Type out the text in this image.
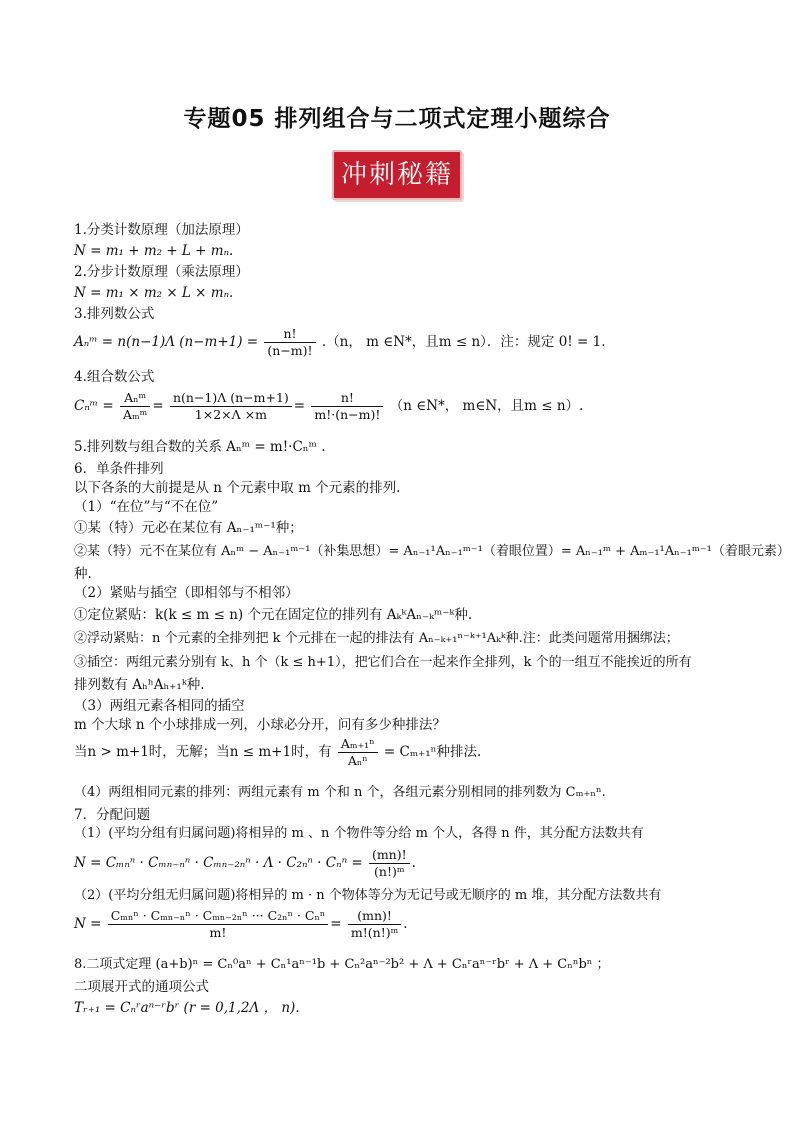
专题05 排列组合与二项式定理小题综合
冲刺秘籍
1.分类计数原理（加法原理）
N = m₁ + m₂ + L + mₙ.
2.分步计数原理（乘法原理）
N = m₁ × m₂ × L × mₙ.
3.排列数公式
Aₙᵐ = n(n−1)Λ $(n-m+1) = \frac{n!}{(n-m)!} .(n$， m ∈N*，且m ≤ n）．注：规定 0! = 1.
4.组合数公式
Cₙᵐ = $\frac{\text{Aₙᵐ}}{\text{Aₘᵐ}} = \frac{n(n-1)\Lambda (n-m+1)}{1\times 2\times\Lambda \times m} = \frac{n!}{m!\cdot(n-m)!} (n$ ∈N*， m∈N，且m ≤ n）.
5.排列数与组合数的关系 Aₙᵐ = m!·Cₙᵐ .
6．单条件排列
以下各条的大前提是从 n 个元素中取 m 个元素的排列.
（1）“在位”与“不在位”
①某（特）元必在某位有 Aₙ₋₁ᵐ⁻¹种；
②某（特）元不在某位有 Aₙᵐ − Aₙ₋₁ᵐ⁻¹（补集思想）= Aₙ₋₁¹Aₙ₋₁ᵐ⁻¹（着眼位置）= Aₙ₋₁ᵐ + Aₘ₋₁¹Aₙ₋₁ᵐ⁻¹（着眼元素）
种.
（2）紧贴与插空（即相邻与不相邻）
①定位紧贴：k(k ≤ m ≤ n) 个元在固定位的排列有 AₖᵏAₙ₋ₖᵐ⁻ᵏ种.
②浮动紧贴：n 个元素的全排列把 k 个元排在一起的排法有 Aₙ₋ₖ₊₁ⁿ⁻ᵏ⁺¹Aₖᵏ种.注：此类问题常用捆绑法；
③插空：两组元素分别有 k、h 个（k ≤ h+1），把它们合在一起来作全排列，k 个的一组互不能挨近的所有
排列数有 AₕʰAₕ₊₁ᵏ种.
（3）两组元素各相同的插空
m 个大球 n 个小球排成一列，小球必分开，问有多少种排法？
当n > m+1时，无解；当n ≤ m+1时，有 $\frac{\text{Aₘ₊₁ⁿ}}{\text{Aₙⁿ}} = C_{m+1}^n$种排法.
（4）两组相同元素的排列：两组元素有 m 个和 n 个，各组元素分别相同的排列数为 Cₘ₊ₙⁿ.
7．分配问题
（1）(平均分组有归属问题)将相异的 m 、n 个物件等分给 m 个人，各得 n 件，其分配方法数共有
$N = C_{mn}^n \cdot C_{mn-n}^n \cdot C_{mn-2n}^n \cdot \Lambda \cdot C_{2n}^n \cdot C_n^n = \frac{(mn)!}{\text{(n!)ᵐ}}$ .
（2）(平均分组无归属问题)将相异的 m · n 个物体等分为无记号或无顺序的 m 堆，其分配方法数共有
$N = \frac{\text{Cₘₙⁿ · Cₘₙ₋ₙⁿ · Cₘₙ₋₂ₙⁿ ··· C₂ₙⁿ · Cₙⁿ}}{m!} = \frac{(mn)!}{\text{m!(n!)ᵐ}}$ .
8.二项式定理 (a+b)ⁿ = Cₙ⁰aⁿ + Cₙ¹aⁿ⁻¹b + Cₙ²aⁿ⁻²b² + Λ + Cₙʳaⁿ⁻ʳbʳ + Λ + Cₙⁿbⁿ ；
二项展开式的通项公式
Tᵣ₊₁ = Cₙʳaⁿ⁻ʳbʳ (r = 0,1,2Λ ， n).
